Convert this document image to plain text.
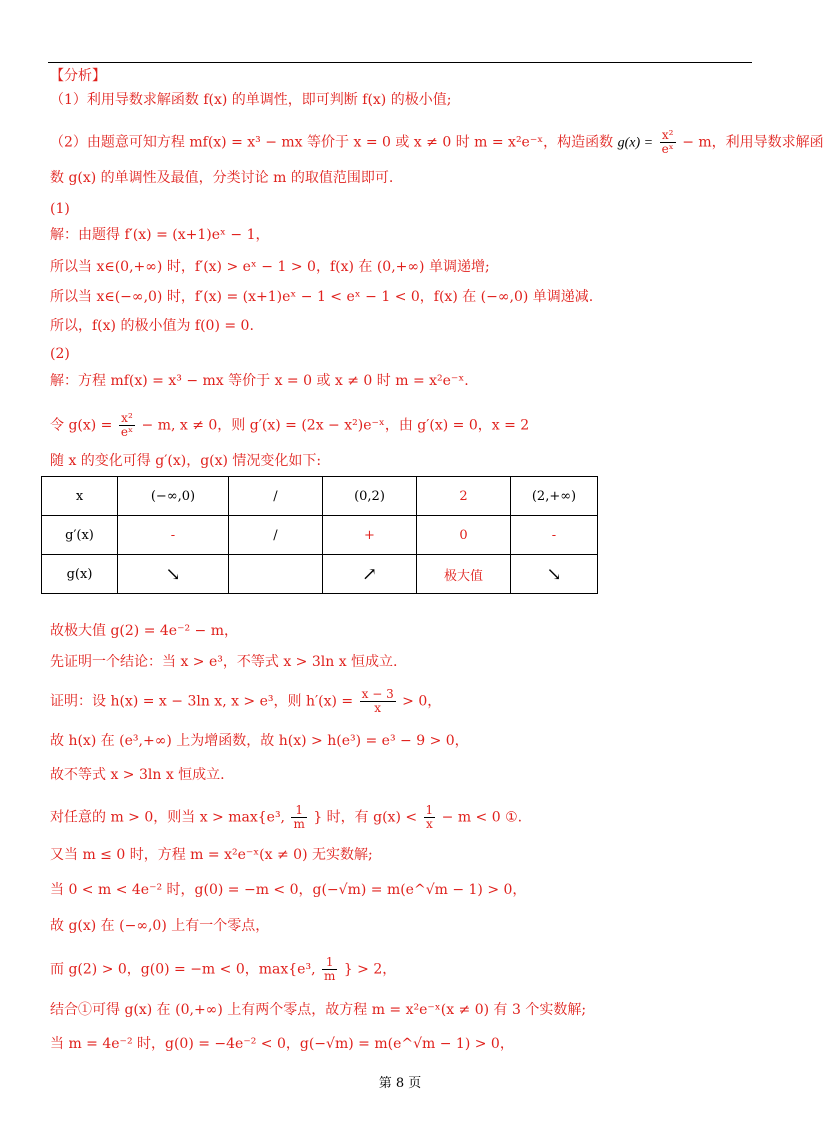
【分析】
（1）利用导数求解函数 f(x) 的单调性，即可判断 f(x) 的极小值;
（2）由题意可知方程 mf(x) = x³ − mx 等价于 x = 0 或 x ≠ 0 时 m = x²e⁻ˣ，构造函数 $g(x) = \frac{\text{x²}}{\text{eˣ}} - m$，利用导数求解函
数 g(x) 的单调性及最值，分类讨论 m 的取值范围即可.
(1)
解：由题得 f′(x) = (x+1)eˣ − 1，
所以当 x∈(0,+∞) 时，f′(x) > eˣ − 1 > 0，f(x) 在 (0,+∞) 单调递增;
所以当 x∈(−∞,0) 时，f′(x) = (x+1)eˣ − 1 < eˣ − 1 < 0，f(x) 在 (−∞,0) 单调递减.
所以，f(x) 的极小值为 f(0) = 0.
(2)
解：方程 mf(x) = x³ − mx 等价于 x = 0 或 x ≠ 0 时 m = x²e⁻ˣ.
令 $g(x) = \frac{\text{x²}}{\text{eˣ}} - m$, x ≠ 0，则 g′(x) = (2x − x²)e⁻ˣ，由 g′(x) = 0，x = 2
随 x 的变化可得 g′(x)，g(x) 情况变化如下:
x	(−∞,0)	/	(0,2)	2	(2,+∞)
g′(x)	-	/	+	0	-
g(x)	↘		↗	极大值	↘
故极大值 g(2) = 4e⁻² − m，
先证明一个结论：当 x > e³，不等式 x > 3ln x 恒成立.
证明：设 h(x) = x − 3ln x, x > e³，则 $h'(x) = \frac{x - 3}{x} > 0$，
故 h(x) 在 (e³,+∞) 上为增函数，故 h(x) > h(e³) = e³ − 9 > 0，
故不等式 x > 3ln x 恒成立.
对任意的 m > 0，则当 x > max{e³, $\frac{1}{m}$ } 时，有 $g(x) < \frac{1}{x} - m < 0$ ①.
又当 m ≤ 0 时，方程 m = x²e⁻ˣ(x ≠ 0) 无实数解;
当 0 < m < 4e⁻² 时，g(0) = −m < 0，g(−√m) = m(e^√m − 1) > 0，
故 g(x) 在 (−∞,0) 上有一个零点，
而 g(2) > 0，g(0) = −m < 0，max{e³, $\frac{1}{m}$ } > 2，
结合①可得 g(x) 在 (0,+∞) 上有两个零点，故方程 m = x²e⁻ˣ(x ≠ 0) 有 3 个实数解;
当 m = 4e⁻² 时，g(0) = −4e⁻² < 0，g(−√m) = m(e^√m − 1) > 0，
第 8 页
